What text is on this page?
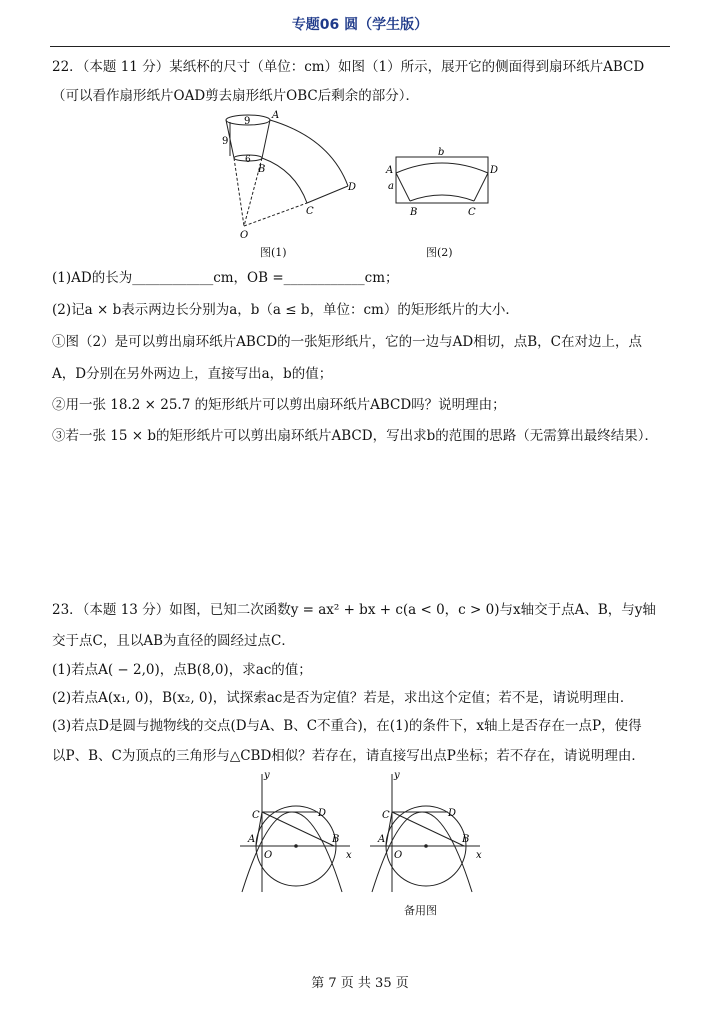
专题06 圆（学生版）
22．（本题 11 分）某纸杯的尺寸（单位：cm）如图（1）所示，展开它的侧面得到扇环纸片ABCD
（可以看作扇形纸片OAD剪去扇形纸片OBC后剩余的部分）．
9
9
6
A
B
C
D
O
图(1)
b
A
a
D
B	C
图(2)
(1)AD的长为____________cm，OB =____________cm；
(2)记a × b表示两边长分别为a，b（a ≤ b，单位：cm）的矩形纸片的大小．
①图（2）是可以剪出扇环纸片ABCD的一张矩形纸片，它的一边与AD相切，点B，C在对边上，点
A，D分别在另外两边上，直接写出a，b的值；
②用一张 18.2 × 25.7 的矩形纸片可以剪出扇环纸片ABCD吗？说明理由；
③若一张 15 × b的矩形纸片可以剪出扇环纸片ABCD，写出求b的范围的思路（无需算出最终结果）．
23．（本题 13 分）如图，已知二次函数y = ax² + bx + c(a < 0，c > 0)与x轴交于点A、B，与y轴
交于点C，且以AB为直径的圆经过点C．
(1)若点A( − 2,0)，点B(8,0)，求ac的值；
(2)若点A(x₁, 0)，B(x₂, 0)，试探索ac是否为定值？若是，求出这个定值；若不是，请说明理由．
(3)若点D是圆与抛物线的交点(D与A、B、C不重合)，在(1)的条件下，x轴上是否存在一点P，使得
以P、B、C为顶点的三角形与△CBD相似？若存在，请直接写出点P坐标；若不存在，请说明理由．
y
x
C	D
A	B
O
y
x
C	D
A	B
O
备用图
第 7 页 共 35 页
